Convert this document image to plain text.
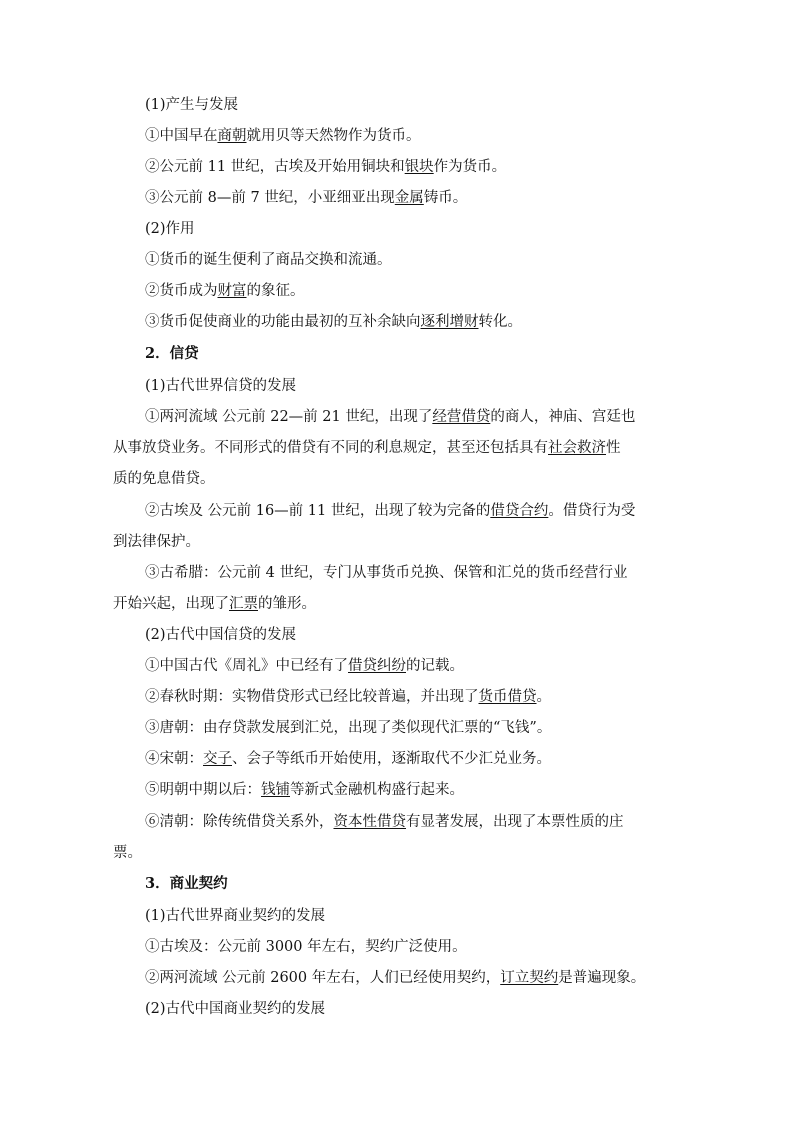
(1)产生与发展
①中国早在商朝就用贝等天然物作为货币。
②公元前 11 世纪，古埃及开始用铜块和银块作为货币。
③公元前 8—前 7 世纪，小亚细亚出现金属铸币。
(2)作用
①货币的诞生便利了商品交换和流通。
②货币成为财富的象征。
③货币促使商业的功能由最初的互补余缺向逐利增财转化。
2．信贷
(1)古代世界信贷的发展
①两河流域 公元前 22—前 21 世纪，出现了经营借贷的商人，神庙、宫廷也
从事放贷业务。不同形式的借贷有不同的利息规定，甚至还包括具有社会救济性
质的免息借贷。
②古埃及 公元前 16—前 11 世纪，出现了较为完备的借贷合约。借贷行为受
到法律保护。
③古希腊：公元前 4 世纪，专门从事货币兑换、保管和汇兑的货币经营行业
开始兴起，出现了汇票的雏形。
(2)古代中国信贷的发展
①中国古代《周礼》中已经有了借贷纠纷的记载。
②春秋时期：实物借贷形式已经比较普遍，并出现了货币借贷。
③唐朝：由存贷款发展到汇兑，出现了类似现代汇票的“飞钱”。
④宋朝：交子、会子等纸币开始使用，逐渐取代不少汇兑业务。
⑤明朝中期以后：钱铺等新式金融机构盛行起来。
⑥清朝：除传统借贷关系外，资本性借贷有显著发展，出现了本票性质的庄
票。
3．商业契约
(1)古代世界商业契约的发展
①古埃及：公元前 3000 年左右，契约广泛使用。
②两河流域 公元前 2600 年左右，人们已经使用契约，订立契约是普遍现象。
(2)古代中国商业契约的发展
